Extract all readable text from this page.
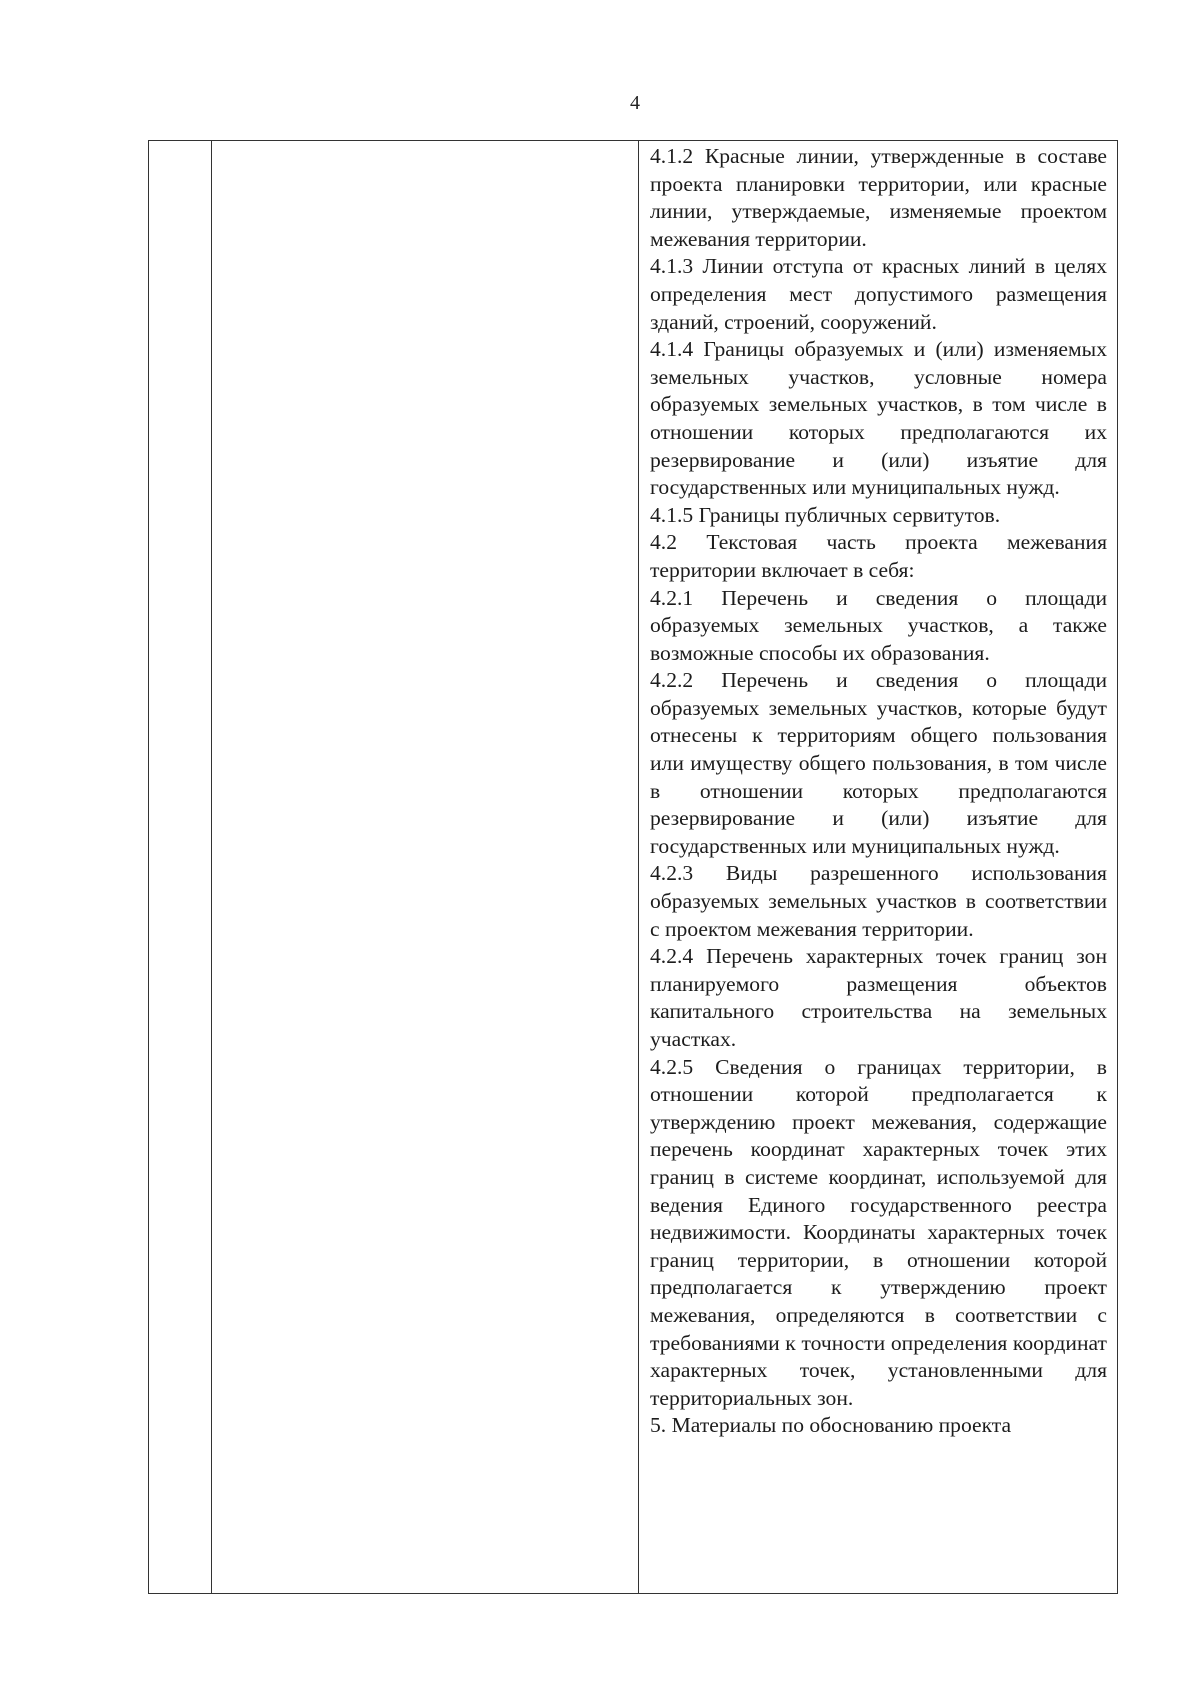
4

4.1.2 Красные линии, утвержденные в составе проекта планировки территории, или красные линии, утверждаемые, изменяемые проектом межевания территории.

4.1.3 Линии отступа от красных линий в целях определения мест допустимого размещения зданий, строений, сооружений.

4.1.4 Границы образуемых и (или) изменяемых земельных участков, условные номера образуемых земельных участков, в том числе в отношении которых предполагаются их резервирование и (или) изъятие для государственных или муниципальных нужд.

4.1.5 Границы публичных сервитутов.

4.2 Текстовая часть проекта межевания территории включает в себя:

4.2.1 Перечень и сведения о площади образуемых земельных участков, а также возможные способы их образования.

4.2.2 Перечень и сведения о площади образуемых земельных участков, которые будут отнесены к территориям общего пользования или имуществу общего пользования, в том числе в отношении которых предполагаются резервирование и (или) изъятие для государственных или муниципальных нужд.

4.2.3 Виды разрешенного использования образуемых земельных участков в соответствии с проектом межевания территории.

4.2.4 Перечень характерных точек границ зон планируемого размещения объектов капитального строительства на земельных участках.

4.2.5 Сведения о границах территории, в отношении которой предполагается к утверждению проект межевания, содержащие перечень координат характерных точек этих границ в системе координат, используемой для ведения Единого государственного реестра недвижимости. Координаты характерных точек границ территории, в отношении которой предполагается к утверждению проект межевания, определяются в соответствии с требованиями к точности определения координат характерных точек, установленными для территориальных зон.

5. Материалы по обоснованию проекта
